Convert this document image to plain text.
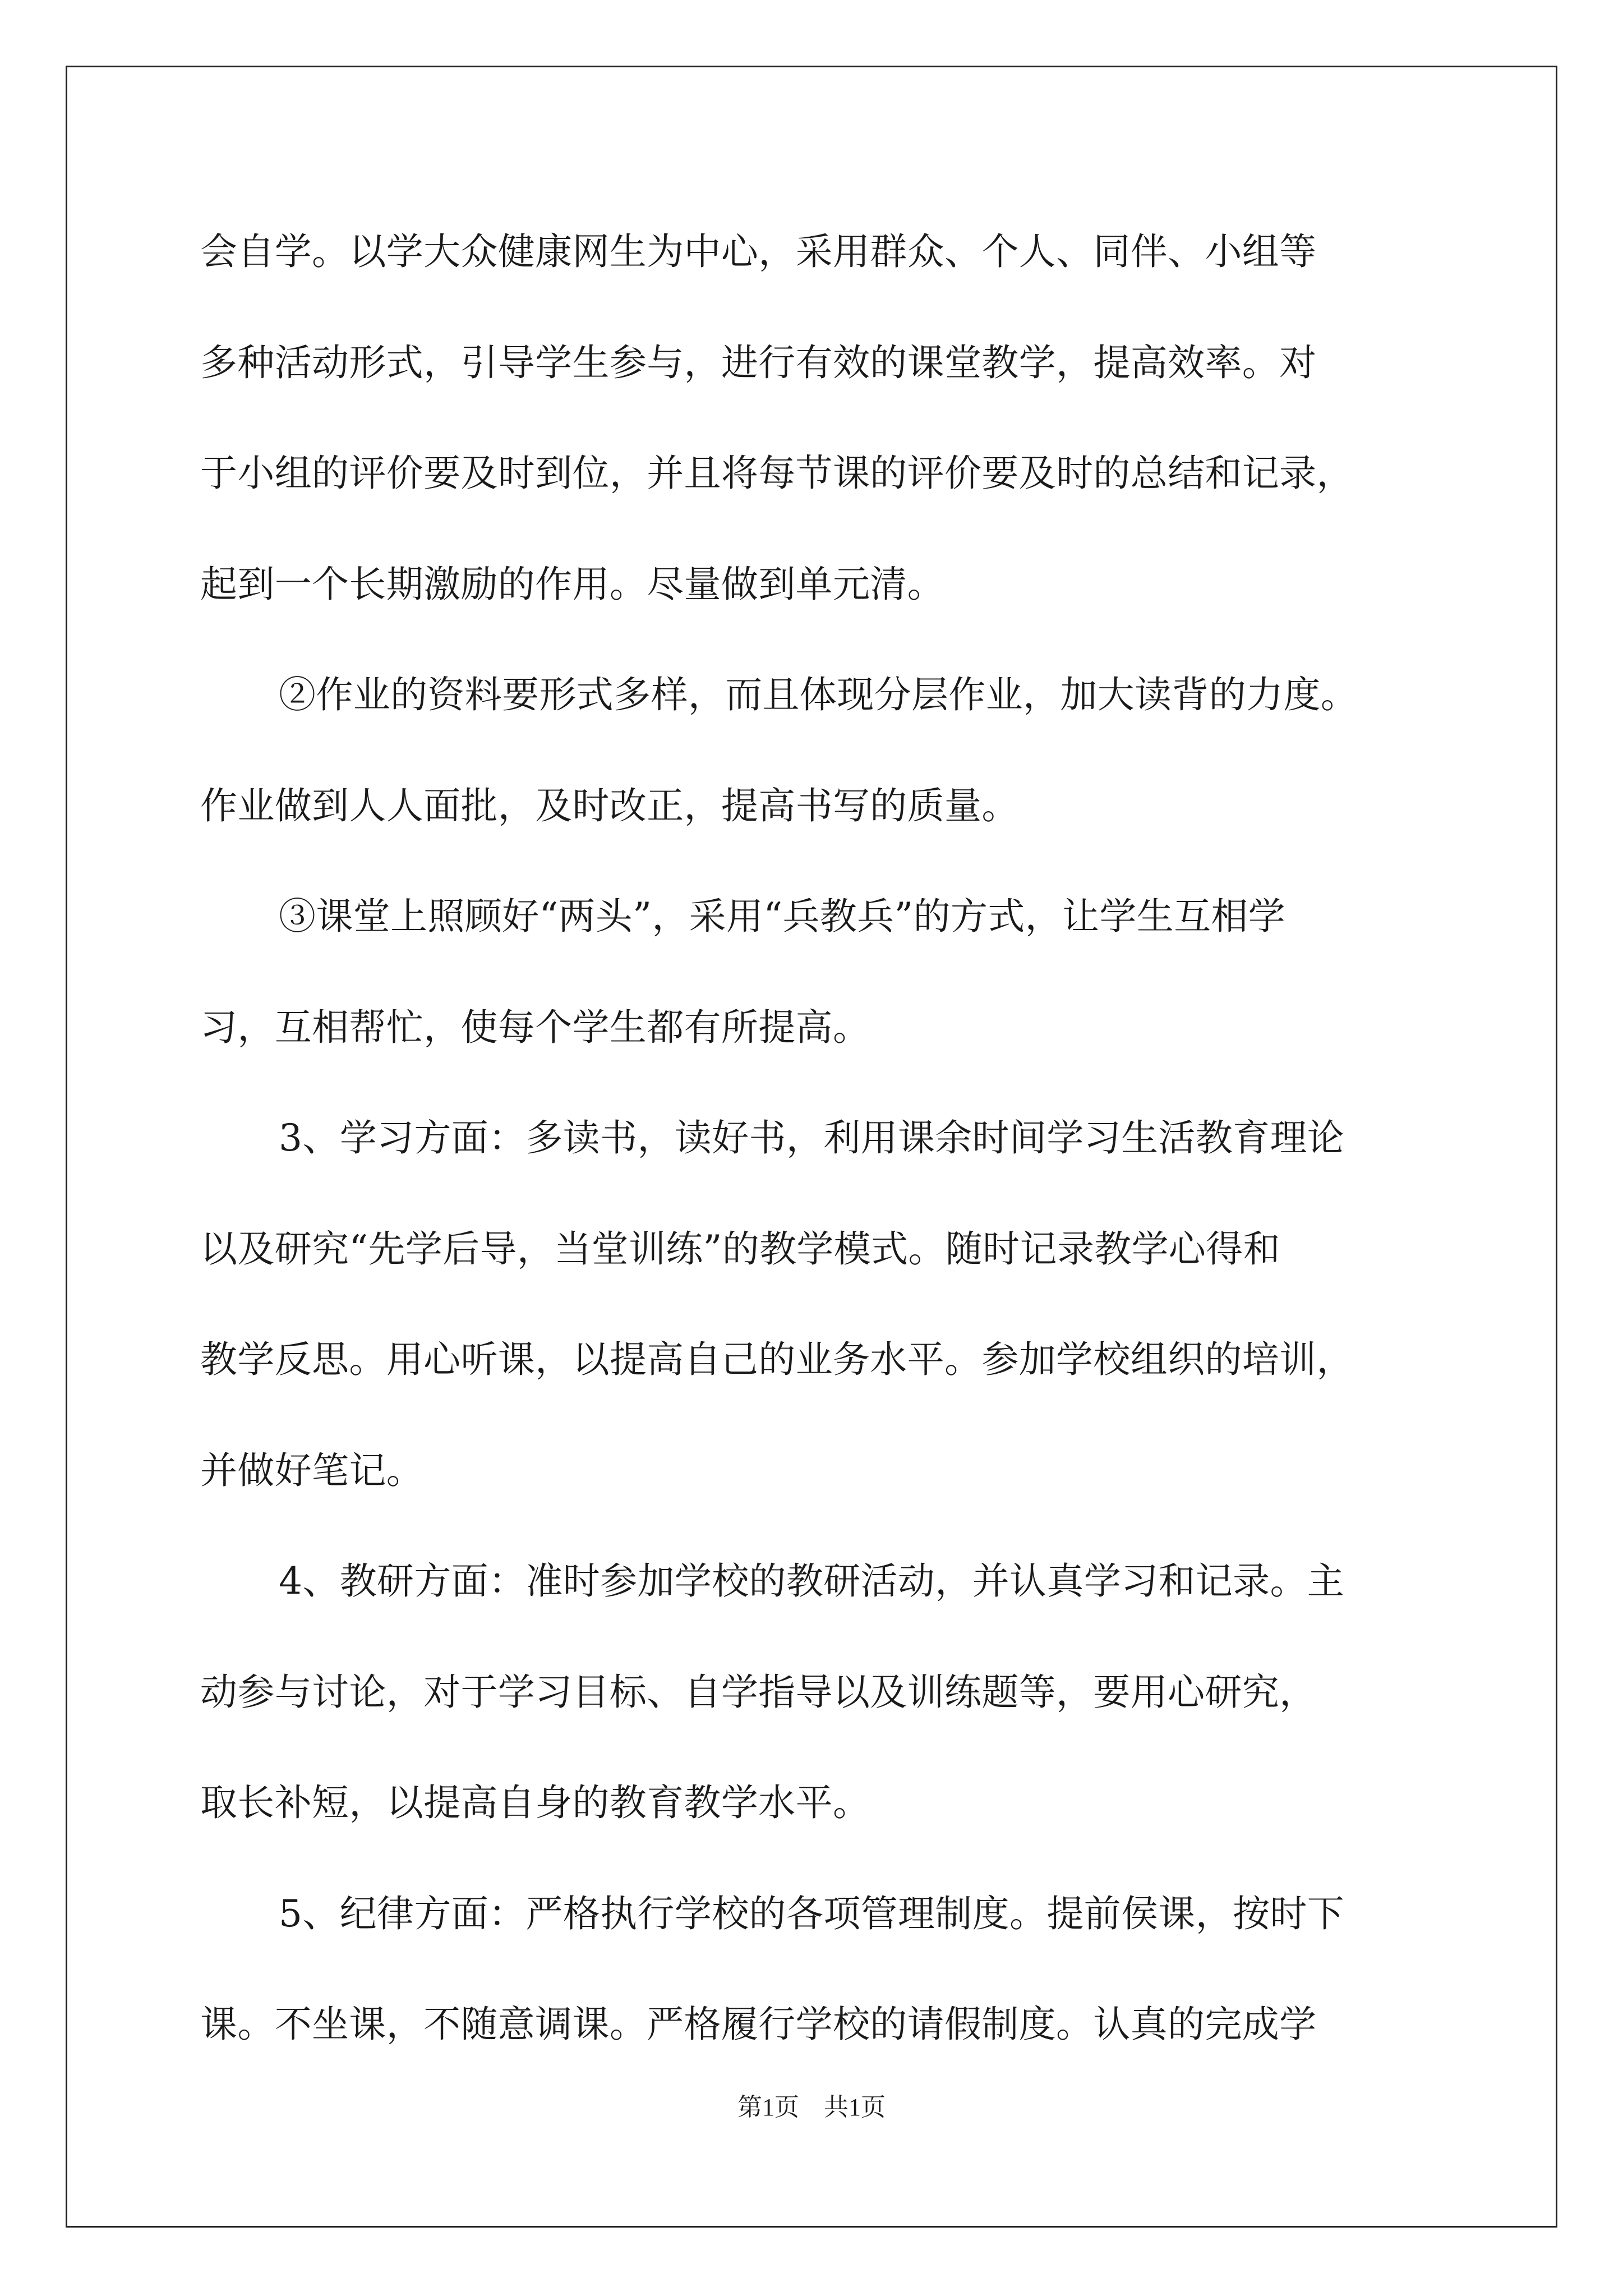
会自学。以学大众健康网生为中心，采用群众、个人、同伴、小组等
多种活动形式，引导学生参与，进行有效的课堂教学，提高效率。对
于小组的评价要及时到位，并且将每节课的评价要及时的总结和记录，
起到一个长期激励的作用。尽量做到单元清。
②作业的资料要形式多样，而且体现分层作业，加大读背的力度。
作业做到人人面批，及时改正，提高书写的质量。
③课堂上照顾好“两头”，采用“兵教兵”的方式，让学生互相学
习，互相帮忙，使每个学生都有所提高。
3、学习方面：多读书，读好书，利用课余时间学习生活教育理论
以及研究“先学后导，当堂训练”的教学模式。随时记录教学心得和
教学反思。用心听课，以提高自己的业务水平。参加学校组织的培训，
并做好笔记。
4、教研方面：准时参加学校的教研活动，并认真学习和记录。主
动参与讨论，对于学习目标、自学指导以及训练题等，要用心研究，
取长补短，以提高自身的教育教学水平。
5、纪律方面：严格执行学校的各项管理制度。提前侯课，按时下
课。不坐课，不随意调课。严格履行学校的请假制度。认真的完成学
第1页 共1页
